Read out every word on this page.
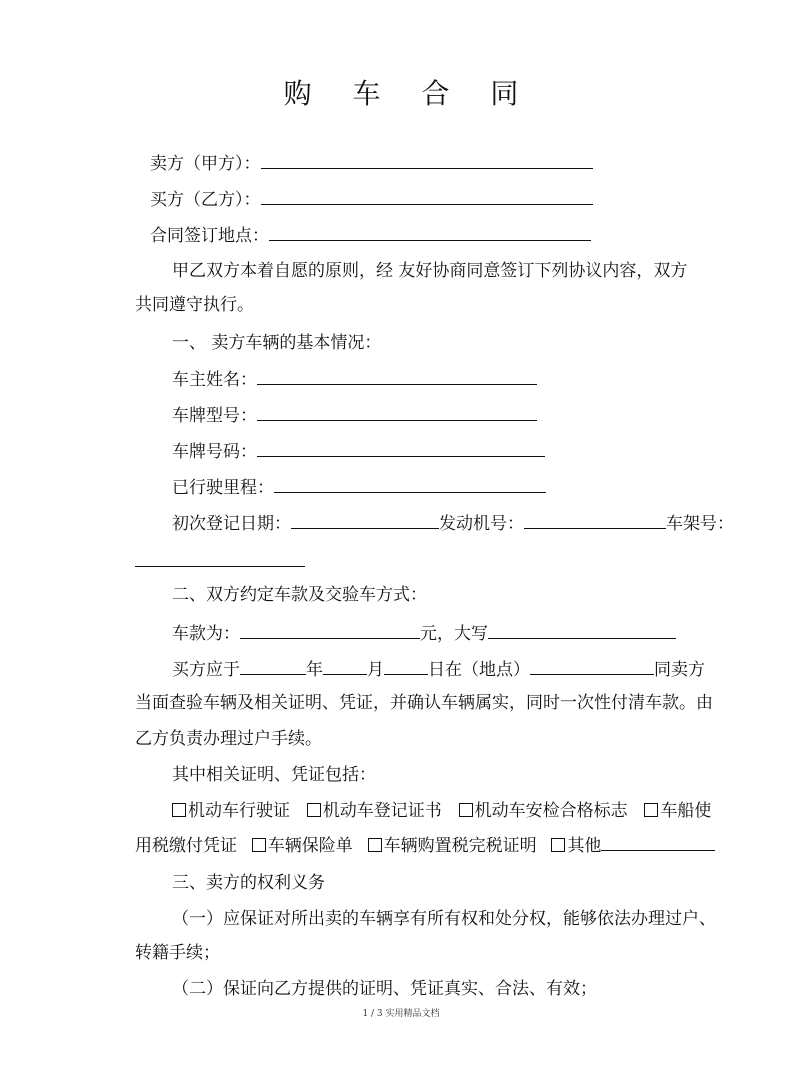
购 车 合 同
卖方（甲方）：
买方（乙方）：
合同签订地点：
甲乙双方本着自愿的原则，经 友好协商同意签订下列协议内容，双方
共同遵守执行。
一、 卖方车辆的基本情况：
车主姓名：
车牌型号：
车牌号码：
已行驶里程：
初次登记日期：	发动机号：	车架号：
二、双方约定车款及交验车方式：
车款为：	元，大写
买方应于	年	月	日在（地点）	同卖方
当面查验车辆及相关证明、凭证，并确认车辆属实，同时一次性付清车款。由
乙方负责办理过户手续。
其中相关证明、凭证包括：
机动车行驶证 机动车登记证书 机动车安检合格标志 车船使
用税缴付凭证 车辆保险单 车辆购置税完税证明 其他
三、卖方的权利义务
（一）应保证对所出卖的车辆享有所有权和处分权，能够依法办理过户、
转籍手续；
（二）保证向乙方提供的证明、凭证真实、合法、有效；
1 / 3 实用精品文档
